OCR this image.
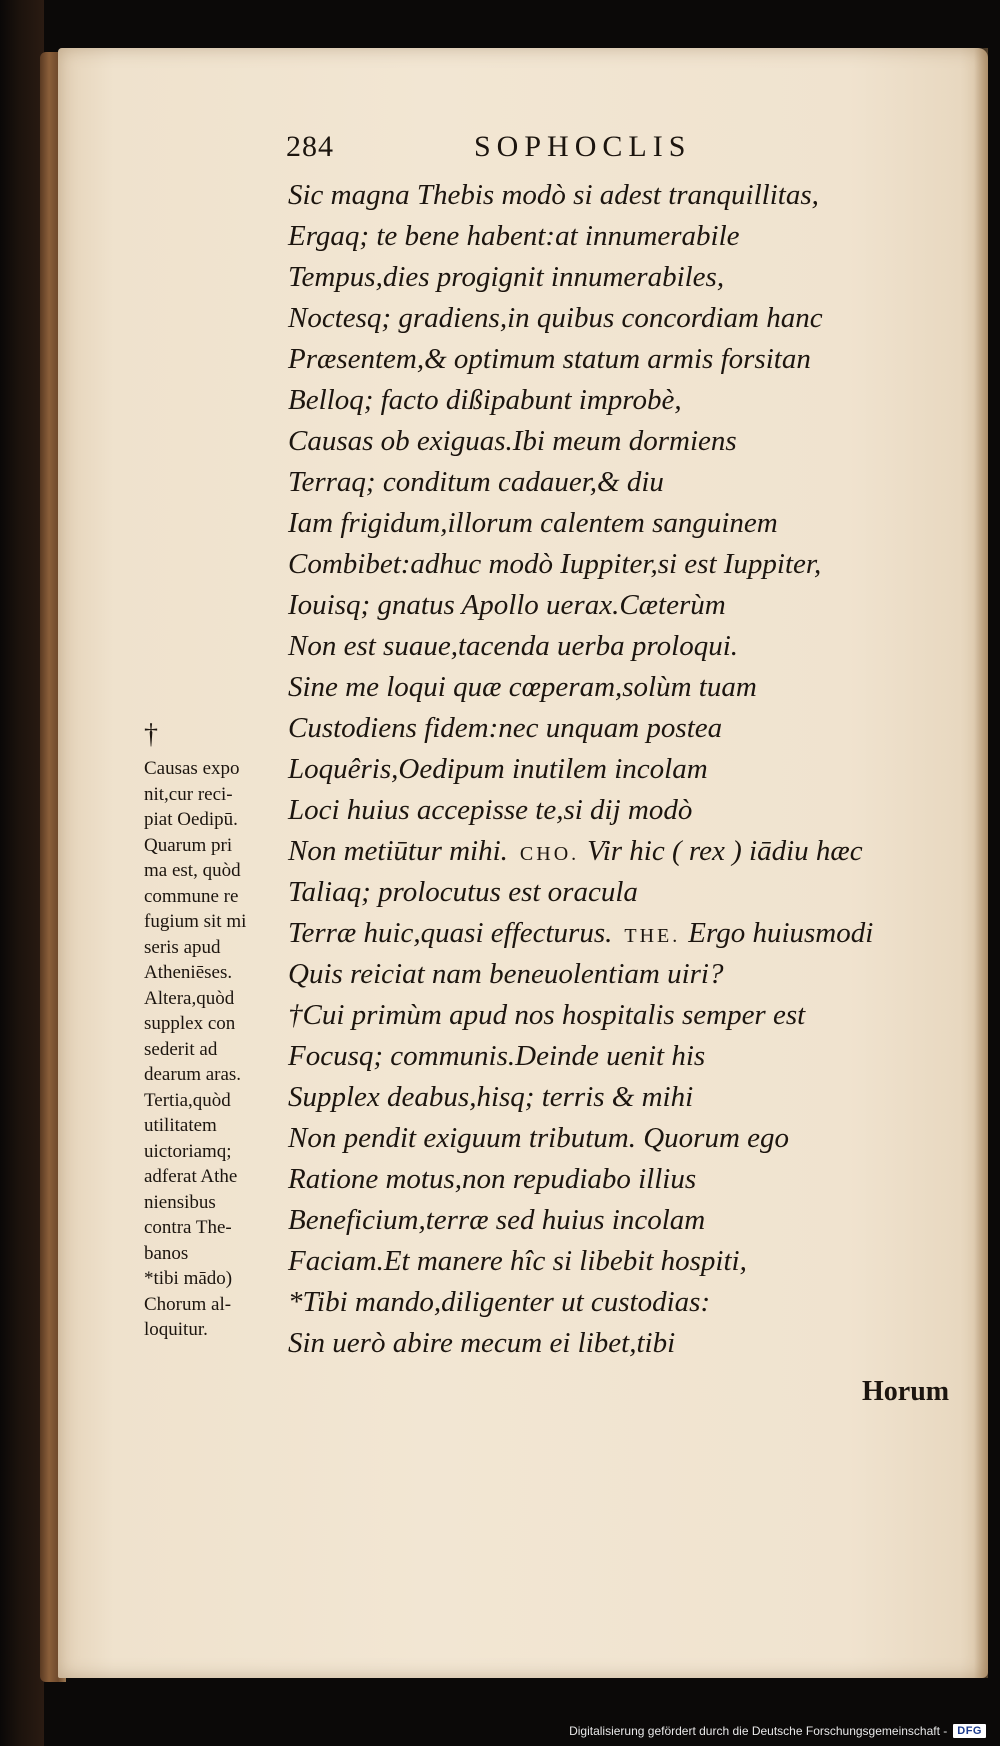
284	SOPHOCLIS
Sic magna Thebis modò si adest tranquillitas,
Ergaq; te bene habent:at innumerabile
Tempus,dies progignit innumerabiles,
Noctesq; gradiens,in quibus concordiam hanc
Præsentem,& optimum statum armis forsitan
Belloq; facto dißipabunt improbè,
Causas ob exiguas.Ibi meum dormiens
Terraq; conditum cadauer,& diu
Iam frigidum,illorum calentem sanguinem
Combibet:adhuc modò Iuppiter,si est Iuppiter,
Iouisq; gnatus Apollo uerax.Cæterùm
Non est suaue,tacenda uerba proloqui.
Sine me loqui quæ cœperam,solùm tuam
Custodiens fidem:nec unquam postea
Loquêris,Oedipum inutilem incolam
Loci huius accepisse te,si dij modò
Non metiūtur mihi. CHO. Vir hic ( rex ) iādiu hæc
Taliaq; prolocutus est oracula
Terræ huic,quasi effecturus. THE. Ergo huiusmodi
Quis reiciat nam beneuolentiam uiri?
†Cui primùm apud nos hospitalis semper est
Focusq; communis.Deinde uenit his
Supplex deabus,hisq; terris & mihi
Non pendit exiguum tributum. Quorum ego
Ratione motus,non repudiabo illius
Beneficium,terræ sed huius incolam
Faciam.Et manere hîc si libebit hospiti,
*Tibi mando,diligenter ut custodias:
Sin uerò abire mecum ei libet,tibi
†
Causas expo
nit,cur reci-
piat Oedipū.
Quarum pri
ma est, quòd
commune re
fugium sit mi
seris apud
Atheniēses.
Altera,quòd
supplex con
sederit ad
dearum aras.
Tertia,quòd
utilitatem
uictoriamq;
adferat Athe
niensibus
contra The-
banos
*tibi mādo)
Chorum al-
loquitur.
Horum
Digitalisierung gefördert durch die Deutsche Forschungsgemeinschaft - DFG
